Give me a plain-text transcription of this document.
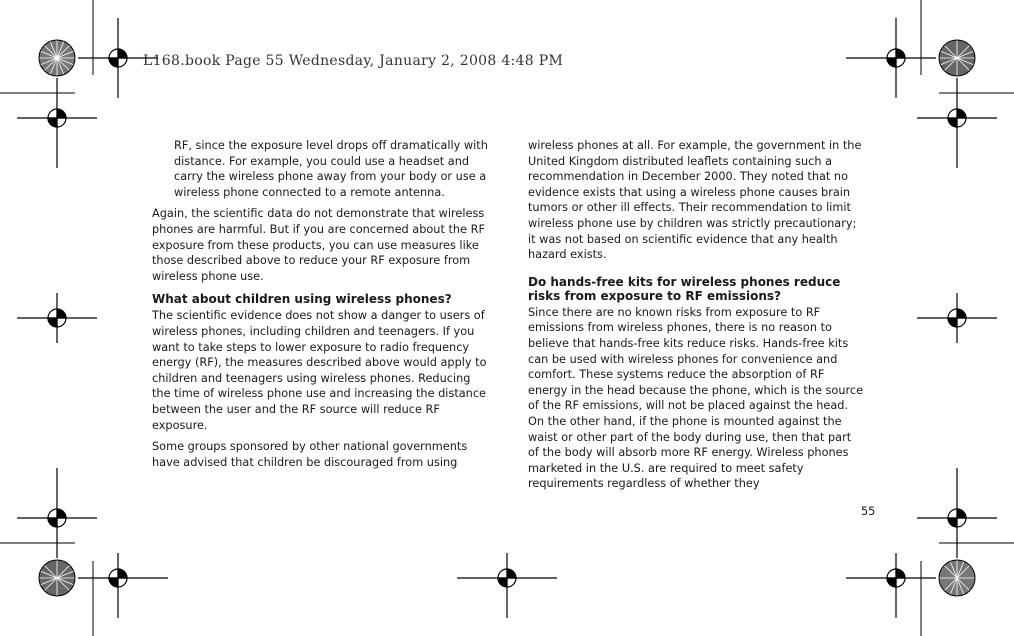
L168.book Page 55 Wednesday, January 2, 2008 4:48 PM

RF, since the exposure level drops off dramatically with distance. For example, you could use a headset and carry the wireless phone away from your body or use a wireless phone connected to a remote antenna.

Again, the scientific data do not demonstrate that wireless phones are harmful. But if you are concerned about the RF exposure from these products, you can use measures like those described above to reduce your RF exposure from wireless phone use.

What about children using wireless phones?

The scientific evidence does not show a danger to users of wireless phones, including children and teenagers. If you want to take steps to lower exposure to radio frequency energy (RF), the measures described above would apply to children and teenagers using wireless phones. Reducing the time of wireless phone use and increasing the distance between the user and the RF source will reduce RF exposure.

Some groups sponsored by other national governments have advised that children be discouraged from using

wireless phones at all. For example, the government in the United Kingdom distributed leaflets containing such a recommendation in December 2000. They noted that no evidence exists that using a wireless phone causes brain tumors or other ill effects. Their recommendation to limit wireless phone use by children was strictly precautionary; it was not based on scientific evidence that any health hazard exists.

Do hands-free kits for wireless phones reduce risks from exposure to RF emissions?

Since there are no known risks from exposure to RF emissions from wireless phones, there is no reason to believe that hands-free kits reduce risks. Hands-free kits can be used with wireless phones for convenience and comfort. These systems reduce the absorption of RF energy in the head because the phone, which is the source of the RF emissions, will not be placed against the head. On the other hand, if the phone is mounted against the waist or other part of the body during use, then that part of the body will absorb more RF energy. Wireless phones marketed in the U.S. are required to meet safety requirements regardless of whether they

55
